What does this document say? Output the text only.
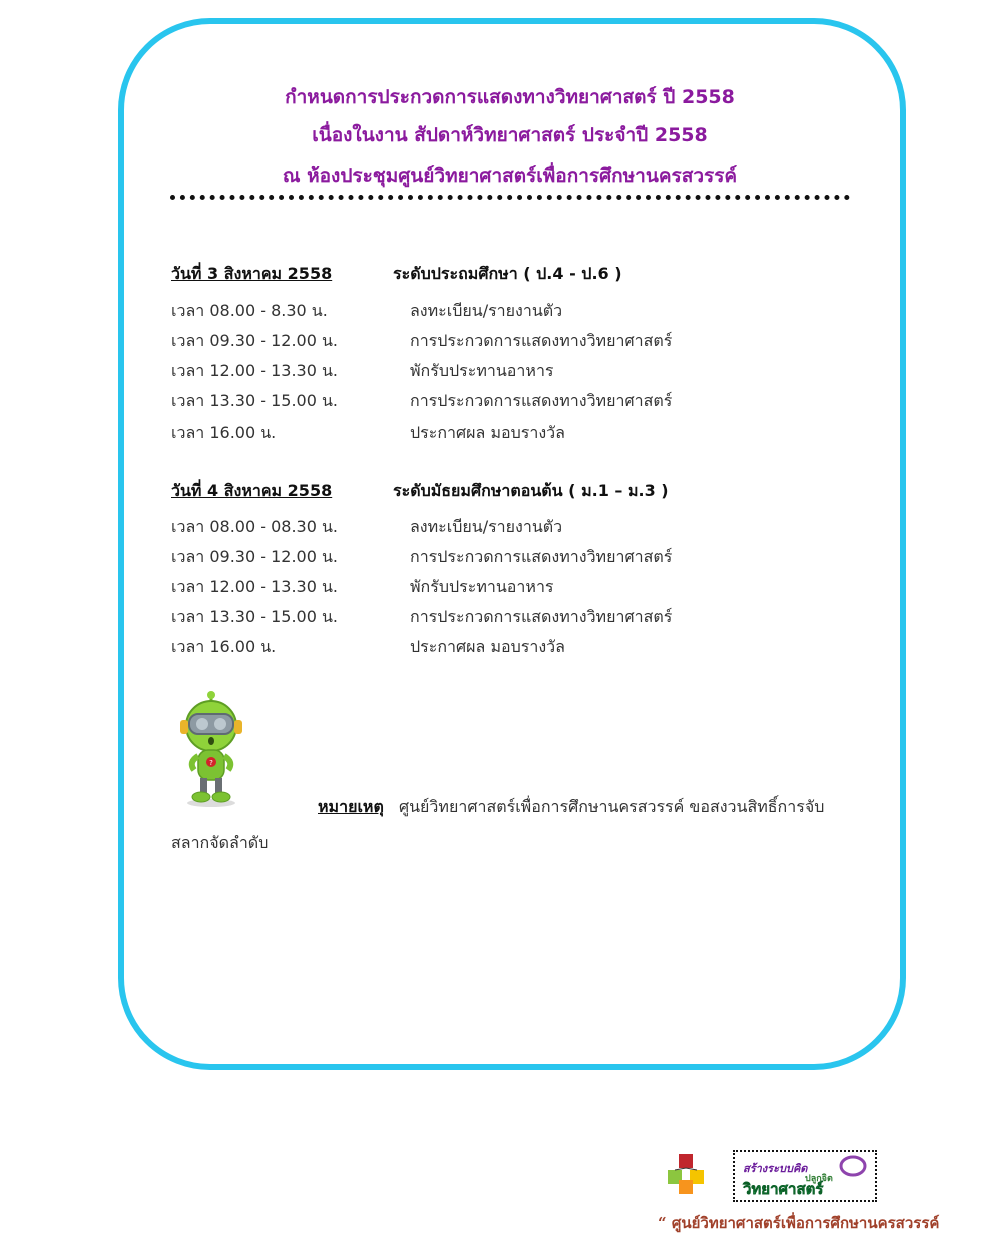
กำหนดการประกวดการแสดงทางวิทยาศาสตร์ ปี 2558
เนื่องในงาน สัปดาห์วิทยาศาสตร์ ประจำปี 2558
ณ ห้องประชุมศูนย์วิทยาศาสตร์เพื่อการศึกษานครสวรรค์
วันที่ 3 สิงหาคม 2558	ระดับประถมศึกษา ( ป.4 - ป.6 )
เวลา 08.00 - 8.30 น.	ลงทะเบียน/รายงานตัว
เวลา 09.30 - 12.00 น.	การประกวดการแสดงทางวิทยาศาสตร์
เวลา 12.00 - 13.30 น.	พักรับประทานอาหาร
เวลา 13.30 - 15.00 น.	การประกวดการแสดงทางวิทยาศาสตร์
เวลา 16.00 น.	ประกาศผล มอบรางวัล
วันที่ 4 สิงหาคม 2558	ระดับมัธยมศึกษาตอนต้น ( ม.1 – ม.3 )
เวลา 08.00 - 08.30 น.	ลงทะเบียน/รายงานตัว
เวลา 09.30 - 12.00 น.	การประกวดการแสดงทางวิทยาศาสตร์
เวลา 12.00 - 13.30 น.	พักรับประทานอาหาร
เวลา 13.30 - 15.00 น.	การประกวดการแสดงทางวิทยาศาสตร์
เวลา 16.00 น.	ประกาศผล มอบรางวัล
?
หมายเหตุ ศูนย์วิทยาศาสตร์เพื่อการศึกษานครสวรรค์ ขอสงวนสิทธิ์การจับ
สลากจัดลำดับ
สร้างระบบคิด
ปลูกจิต
วิทยาศาสตร์
“ ศูนย์วิทยาศาสตร์เพื่อการศึกษานครสวรรค์
